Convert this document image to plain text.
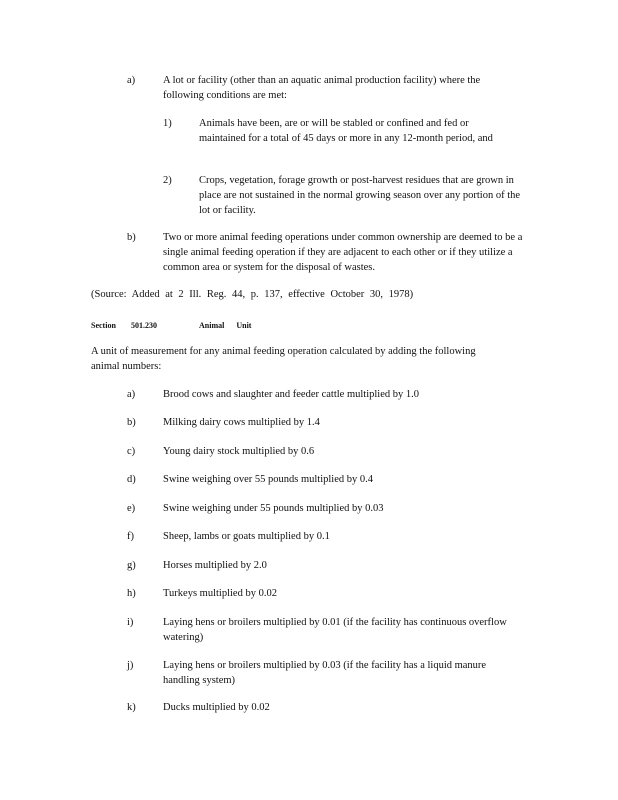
a)	A lot or facility (other than an aquatic animal production facility) where the following conditions are met:
1)	Animals have been, are or will be stabled or confined and fed or maintained for a total of 45 days or more in any 12-month period, and
2)	Crops, vegetation, forage growth or post-harvest residues that are grown in place are not sustained in the normal growing season over any portion of the lot or facility.
b)	Two or more animal feeding operations under common ownership are deemed to be a single animal feeding operation if they are adjacent to each other or if they utilize a common area or system for the disposal of wastes.
(Source: Added at 2 Ill. Reg. 44, p. 137, effective October 30, 1978)
Section 501.230	Animal Unit
A unit of measurement for any animal feeding operation calculated by adding the following animal numbers:
a)	Brood cows and slaughter and feeder cattle multiplied by 1.0
b)	Milking dairy cows multiplied by 1.4
c)	Young dairy stock multiplied by 0.6
d)	Swine weighing over 55 pounds multiplied by 0.4
e)	Swine weighing under 55 pounds multiplied by 0.03
f)	Sheep, lambs or goats multiplied by 0.1
g)	Horses multiplied by 2.0
h)	Turkeys multiplied by 0.02
i)	Laying hens or broilers multiplied by 0.01 (if the facility has continuous overflow watering)
j)	Laying hens or broilers multiplied by 0.03 (if the facility has a liquid manure handling system)
k)	Ducks multiplied by 0.02
